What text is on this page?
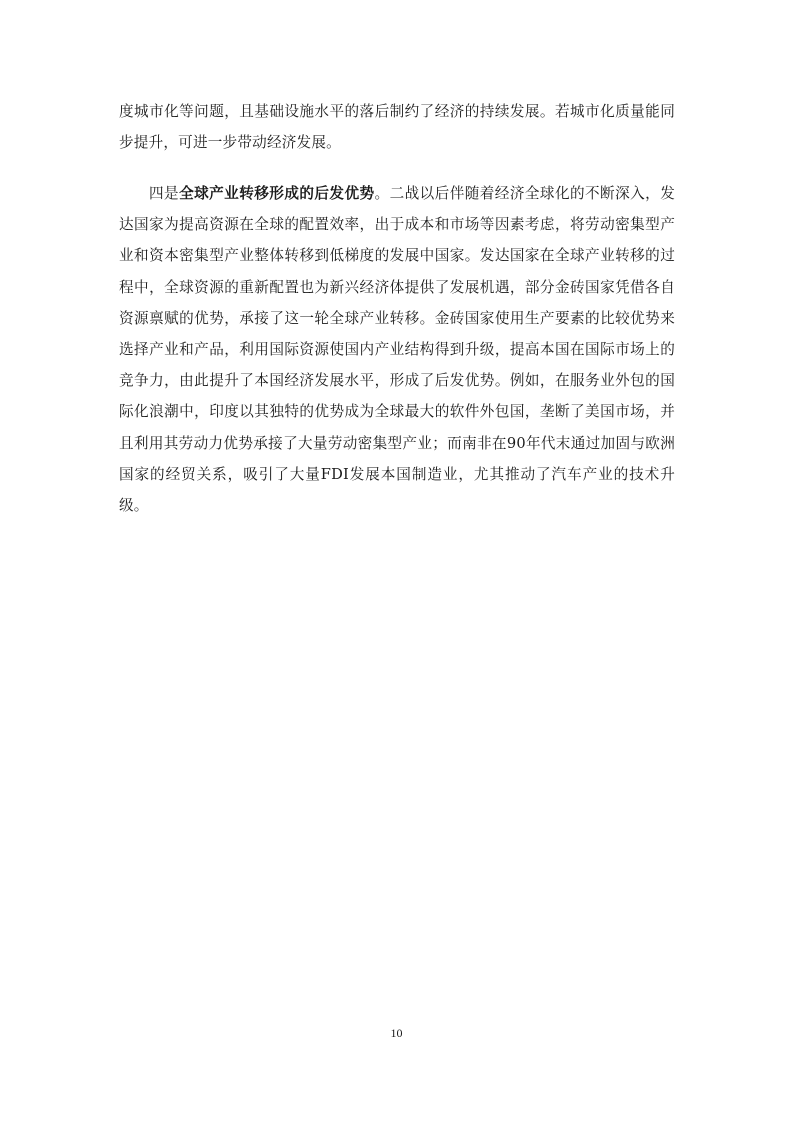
度城市化等问题，且基础设施水平的落后制约了经济的持续发展。若城市化质量能同步提升，可进一步带动经济发展。

四是全球产业转移形成的后发优势。二战以后伴随着经济全球化的不断深入，发达国家为提高资源在全球的配置效率，出于成本和市场等因素考虑，将劳动密集型产业和资本密集型产业整体转移到低梯度的发展中国家。发达国家在全球产业转移的过程中，全球资源的重新配置也为新兴经济体提供了发展机遇，部分金砖国家凭借各自资源禀赋的优势，承接了这一轮全球产业转移。金砖国家使用生产要素的比较优势来选择产业和产品，利用国际资源使国内产业结构得到升级，提高本国在国际市场上的竞争力，由此提升了本国经济发展水平，形成了后发优势。例如，在服务业外包的国际化浪潮中，印度以其独特的优势成为全球最大的软件外包国，垄断了美国市场，并且利用其劳动力优势承接了大量劳动密集型产业；而南非在90年代末通过加固与欧洲国家的经贸关系，吸引了大量FDI发展本国制造业，尤其推动了汽车产业的技术升级。

10
